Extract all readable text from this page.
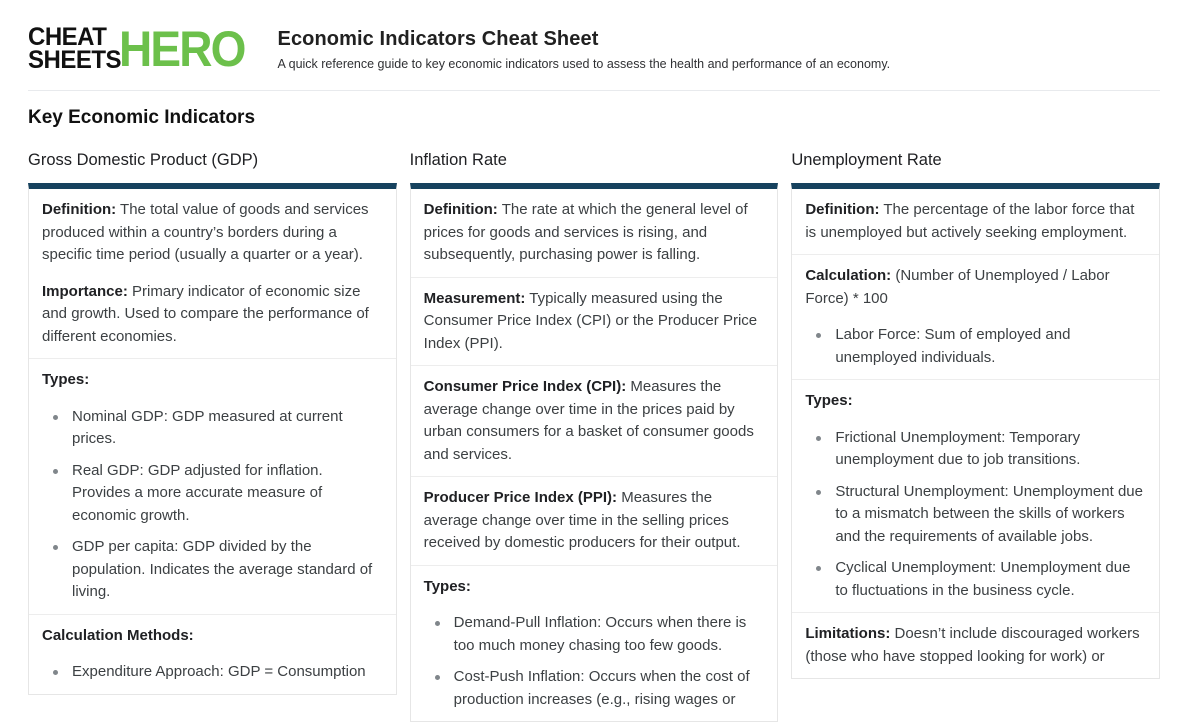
CHEAT
SHEETS
HERO Economic Indicators Cheat Sheet
A quick reference guide to key economic indicators used to assess the health and performance of an economy.
Key Economic Indicators
Gross Domestic Product (GDP)

Definition: The total value of goods and services produced within a country’s borders during a specific time period (usually a quarter or a year).

Importance: Primary indicator of economic size and growth. Used to compare the performance of different economies.

Types:

Nominal GDP: GDP measured at current prices.
Real GDP: GDP adjusted for inflation. Provides a more accurate measure of economic growth.
GDP per capita: GDP divided by the population. Indicates the average standard of living.

Calculation Methods:

Expenditure Approach: GDP = Consumption
Inflation Rate

Definition: The rate at which the general level of prices for goods and services is rising, and subsequently, purchasing power is falling.

Measurement: Typically measured using the Consumer Price Index (CPI) or the Producer Price Index (PPI).

Consumer Price Index (CPI): Measures the average change over time in the prices paid by urban consumers for a basket of consumer goods and services.

Producer Price Index (PPI): Measures the average change over time in the selling prices received by domestic producers for their output.

Types:

Demand-Pull Inflation: Occurs when there is too much money chasing too few goods.
Cost-Push Inflation: Occurs when the cost of production increases (e.g., rising wages or
Unemployment Rate

Definition: The percentage of the labor force that is unemployed but actively seeking employment.

Calculation: (Number of Unemployed / Labor Force) * 100

Labor Force: Sum of employed and unemployed individuals.

Types:

Frictional Unemployment: Temporary unemployment due to job transitions.
Structural Unemployment: Unemployment due to a mismatch between the skills of workers and the requirements of available jobs.
Cyclical Unemployment: Unemployment due to fluctuations in the business cycle.

Limitations: Doesn’t include discouraged workers (those who have stopped looking for work) or
